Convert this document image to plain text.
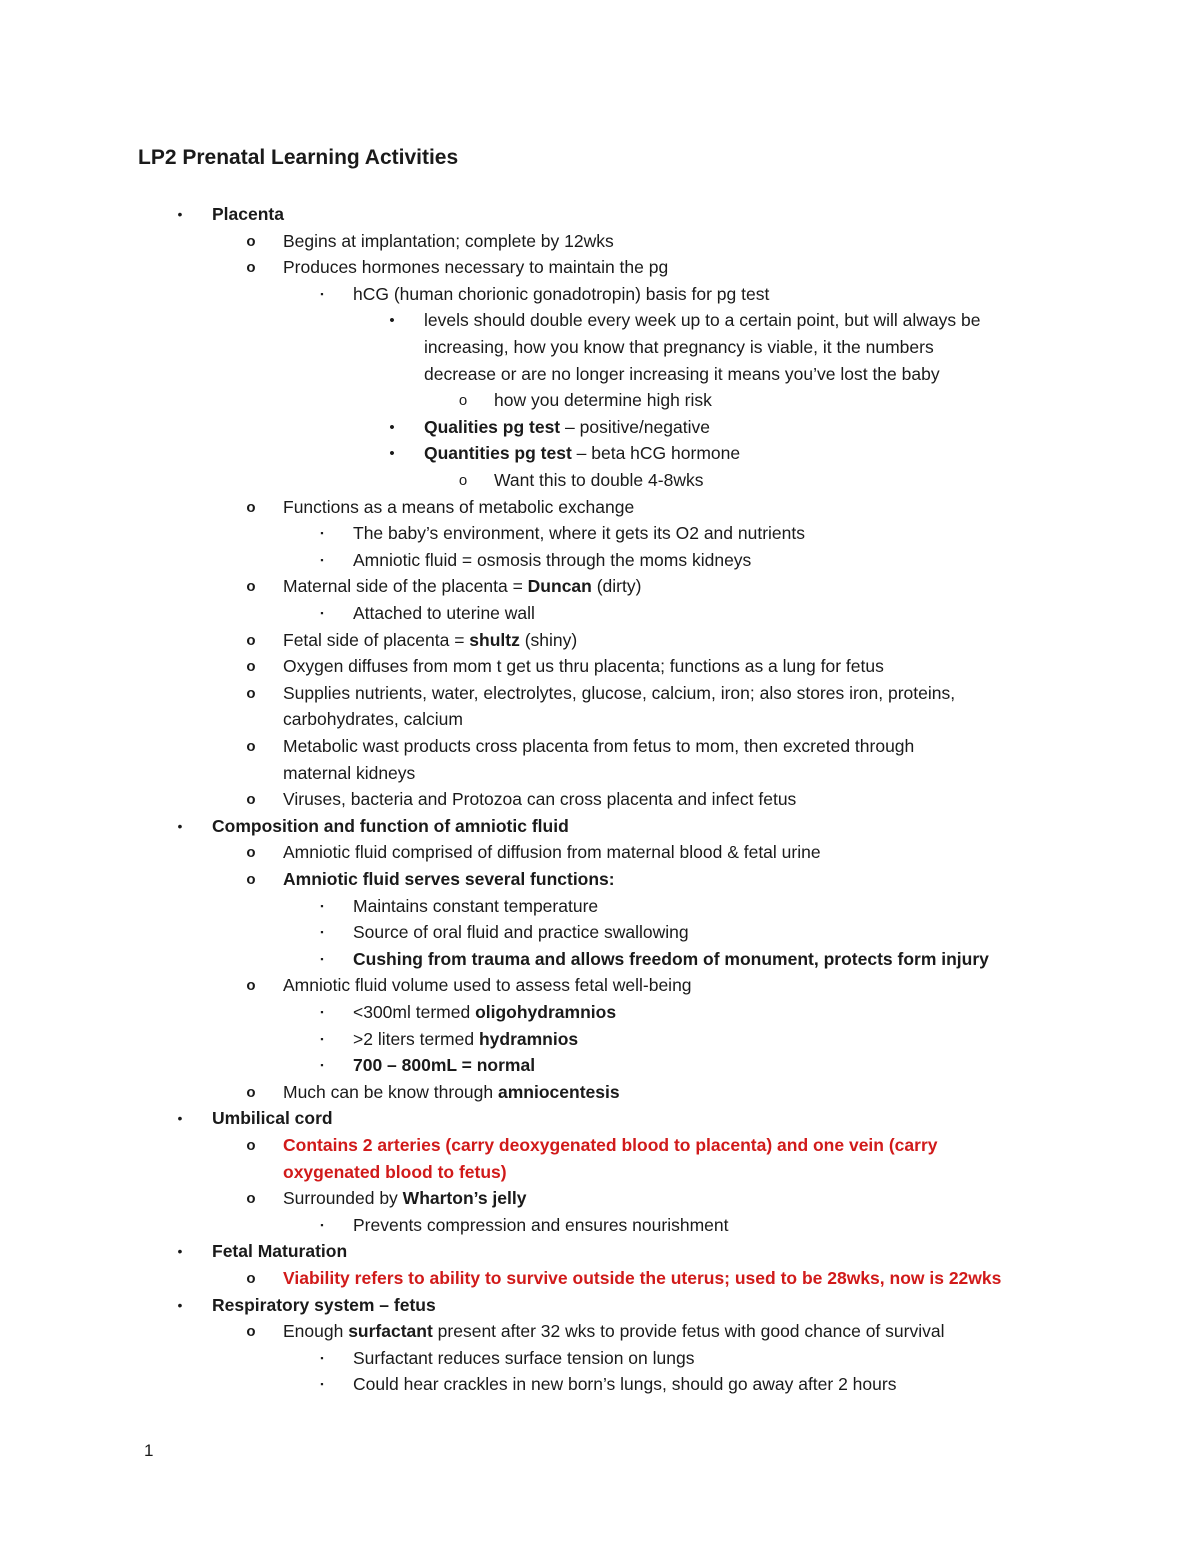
LP2 Prenatal Learning Activities
• Placenta
o Begins at implantation; complete by 12wks
o Produces hormones necessary to maintain the pg
▪	hCG (human chorionic gonadotropin) basis for pg test
• levels should double every week up to a certain point, but will always be
increasing, how you know that pregnancy is viable, it the numbers
decrease or are no longer increasing it means you’ve lost the baby
o how you determine high risk
• Qualities pg test – positive/negative
• Quantities pg test – beta hCG hormone
o Want this to double 4-8wks
o Functions as a means of metabolic exchange
▪	The baby’s environment, where it gets its O2 and nutrients
▪	Amniotic fluid = osmosis through the moms kidneys
o Maternal side of the placenta = Duncan (dirty)
▪	Attached to uterine wall
o Fetal side of placenta = shultz (shiny)
o Oxygen diffuses from mom t get us thru placenta; functions as a lung for fetus
o Supplies nutrients, water, electrolytes, glucose, calcium, iron; also stores iron, proteins,
carbohydrates, calcium
o Metabolic wast products cross placenta from fetus to mom, then excreted through
maternal kidneys
o Viruses, bacteria and Protozoa can cross placenta and infect fetus
• Composition and function of amniotic fluid
o Amniotic fluid comprised of diffusion from maternal blood & fetal urine
o Amniotic fluid serves several functions:
▪	Maintains constant temperature
▪	Source of oral fluid and practice swallowing
▪	Cushing from trauma and allows freedom of monument, protects form injury
o Amniotic fluid volume used to assess fetal well-being
▪	<300ml termed oligohydramnios
▪	>2 liters termed hydramnios
▪	700 – 800mL = normal
o Much can be know through amniocentesis
• Umbilical cord
o Contains 2 arteries (carry deoxygenated blood to placenta) and one vein (carry
oxygenated blood to fetus)
o Surrounded by Wharton’s jelly
▪	Prevents compression and ensures nourishment
• Fetal Maturation
o Viability refers to ability to survive outside the uterus; used to be 28wks, now is 22wks
• Respiratory system – fetus
o Enough surfactant present after 32 wks to provide fetus with good chance of survival
▪	Surfactant reduces surface tension on lungs
▪	Could hear crackles in new born’s lungs, should go away after 2 hours
1
